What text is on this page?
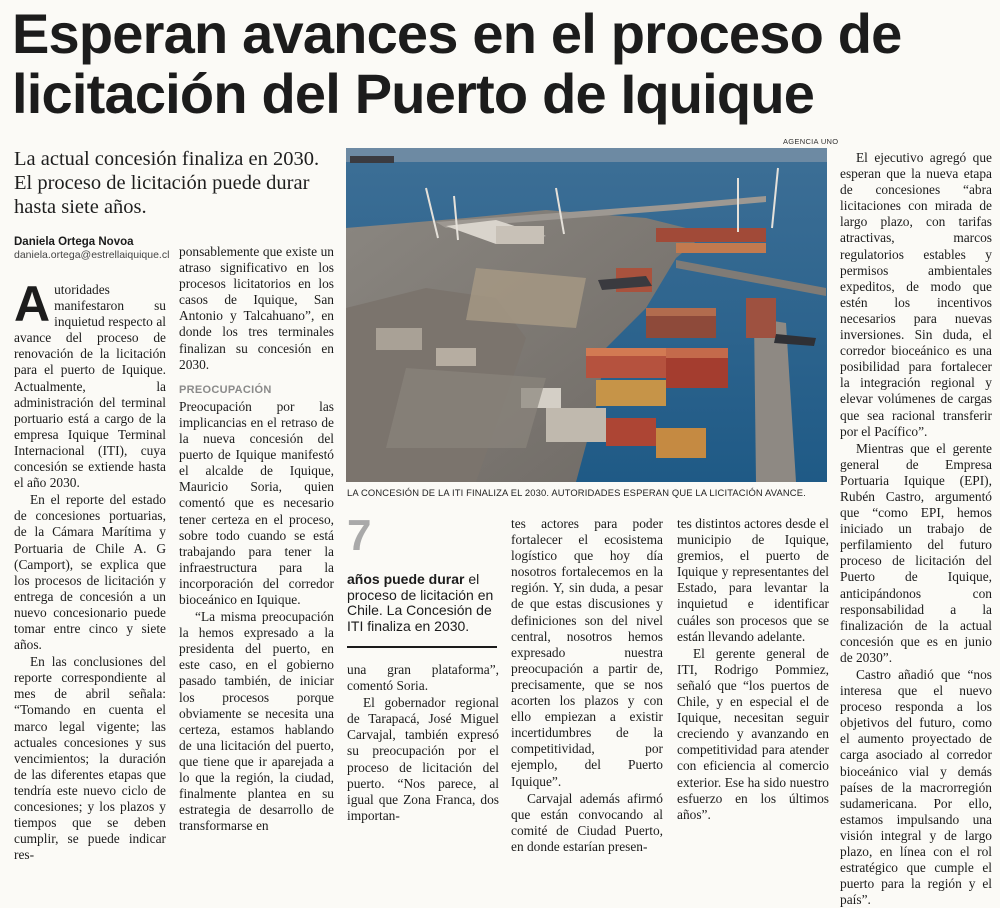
Esperan avances en el proceso de
licitación del Puerto de Iquique
La actual concesión finaliza en 2030.
El proceso de licitación puede durar
hasta siete años.
Daniela Ortega Novoa
daniela.ortega@estrellaiquique.cl

Autoridades manifestaron su inquietud respecto al avance del proceso de renovación de la licitación para el puerto de Iquique. Actualmente, la administración del terminal portuario está a cargo de la empresa Iquique Terminal Internacional (ITI), cuya concesión se extiende hasta el año 2030.

En el reporte del estado de concesiones portuarias, de la Cámara Marítima y Portuaria de Chile A. G (Camport), se explica que los procesos de licitación y entrega de concesión a un nuevo concesionario puede tomar entre cinco y siete años.

En las conclusiones del reporte correspondiente al mes de abril señala: “Tomando en cuenta el marco legal vigente; las actuales concesiones y sus vencimientos; la duración de las diferentes etapas que tendría este nuevo ciclo de concesiones; y los plazos y tiempos que se deben cumplir, se puede indicar res-

ponsablemente que existe un atraso significativo en los procesos licitatorios en los casos de Iquique, San Antonio y Talcahuano”, en donde los tres terminales finalizan su concesión en 2030.

PREOCUPACIÓN

Preocupación por las implicancias en el retraso de la nueva concesión del puerto de Iquique manifestó el alcalde de Iquique, Mauricio Soria, quien comentó que es necesario tener certeza en el proceso, sobre todo cuando se está trabajando para tener la infraestructura para la incorporación del corredor bioceánico en Iquique.

“La misma preocupación la hemos expresado a la presidenta del puerto, en este caso, en el gobierno pasado también, de iniciar los procesos porque obviamente se necesita una certeza, estamos hablando de una licitación del puerto, que tiene que ir aparejada a lo que la región, la ciudad, finalmente planteа en su estrategia de desarrollo de transformarse en

AGENCIA UNO
LA CONCESIÓN DE LA ITI FINALIZA EL 2030. AUTORIDADES ESPERAN QUE LA LICITACIÓN AVANCE.
7
años puede durar el proceso de licitación en Chile. La Concesión de ITI finaliza en 2030.

una gran plataforma”, comentó Soria.

El gobernador regional de Tarapacá, José Miguel Carvajal, también expresó su preocupación por el proceso de licitación del puerto. “Nos parece, al igual que Zona Franca, dos importan-

tes actores para poder fortalecer el ecosistema logístico que hoy día nosotros fortalecemos en la región. Y, sin duda, a pesar de que estas discusiones y definiciones son del nivel central, nosotros hemos expresado nuestra preocupación a partir de, precisamente, que se nos acorten los plazos y con ello empiezan a existir incertidumbres de la competitividad, por ejemplo, del Puerto Iquique”.

Carvajal además afirmó que están convocando al comité de Ciudad Puerto, en donde estarían presen-

tes distintos actores desde el municipio de Iquique, gremios, el puerto de Iquique y representantes del Estado, para levantar la inquietud e identificar cuáles son procesos que se están llevando adelante.

El gerente general de ITI, Rodrigo Pommiez, señaló que “los puertos de Chile, y en especial el de Iquique, necesitan seguir creciendo y avanzando en competitividad para atender con eficiencia al comercio exterior. Ese ha sido nuestro esfuerzo en los últimos años”.

El ejecutivo agregó que esperan que la nueva etapa de concesiones “abra licitaciones con mirada de largo plazo, con tarifas atractivas, marcos regulatorios estables y permisos ambientales expeditos, de modo que estén los incentivos necesarios para nuevas inversiones. Sin duda, el corredor bioceánico es una posibilidad para fortalecer la integración regional y elevar volúmenes de cargas que sea racional transferir por el Pacífico”.

Mientras que el gerente general de Empresa Portuaria Iquique (EPI), Rubén Castro, argumentó que “como EPI, hemos iniciado un trabajo de perfilamiento del futuro proceso de licitación del Puerto de Iquique, anticipándonos con responsabilidad a la finalización de la actual concesión que es en junio de 2030”.

Castro añadió que “nos interesa que el nuevo proceso responda a los objetivos del futuro, como el aumento proyectado de carga asociado al corredor bioceánico vial y demás países de la macrorregión sudamericana. Por ello, estamos impulsando una visión integral y de largo plazo, en línea con el rol estratégico que cumple el puerto para la región y el país”.
